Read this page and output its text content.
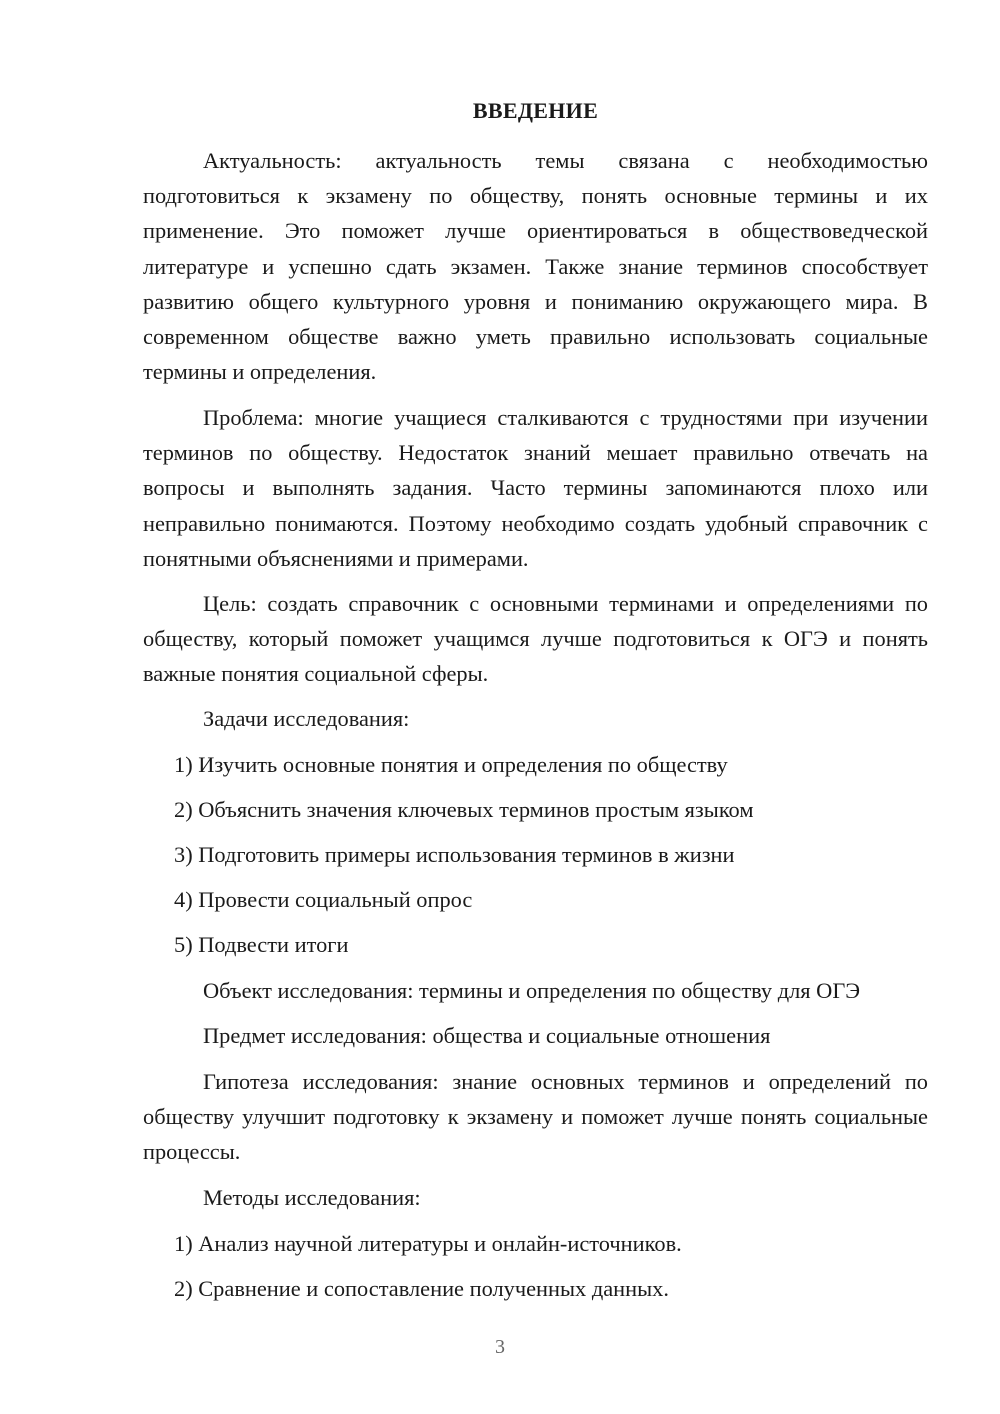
ВВЕДЕНИЕ

Актуальность: актуальность темы связана с необходимостью подготовиться к экзамену по обществу, понять основные термины и их применение. Это поможет лучше ориентироваться в обществоведческой литературе и успешно сдать экзамен. Также знание терминов способствует развитию общего культурного уровня и пониманию окружающего мира. В современном обществе важно уметь правильно использовать социальные термины и определения.

Проблема: многие учащиеся сталкиваются с трудностями при изучении терминов по обществу. Недостаток знаний мешает правильно отвечать на вопросы и выполнять задания. Часто термины запоминаются плохо или неправильно понимаются. Поэтому необходимо создать удобный справочник с понятными объяснениями и примерами.

Цель: создать справочник с основными терминами и определениями по обществу, который поможет учащимся лучше подготовиться к ОГЭ и понять важные понятия социальной сферы.

Задачи исследования:
1) Изучить основные понятия и определения по обществу
2) Объяснить значения ключевых терминов простым языком
3) Подготовить примеры использования терминов в жизни
4) Провести социальный опрос
5) Подвести итоги
Объект исследования: термины и определения по обществу для ОГЭ
Предмет исследования: общества и социальные отношения

Гипотеза исследования: знание основных терминов и определений по обществу улучшит подготовку к экзамену и поможет лучше понять социальные процессы.

Методы исследования:
1) Анализ научной литературы и онлайн-источников.
2) Сравнение и сопоставление полученных данных.
3
